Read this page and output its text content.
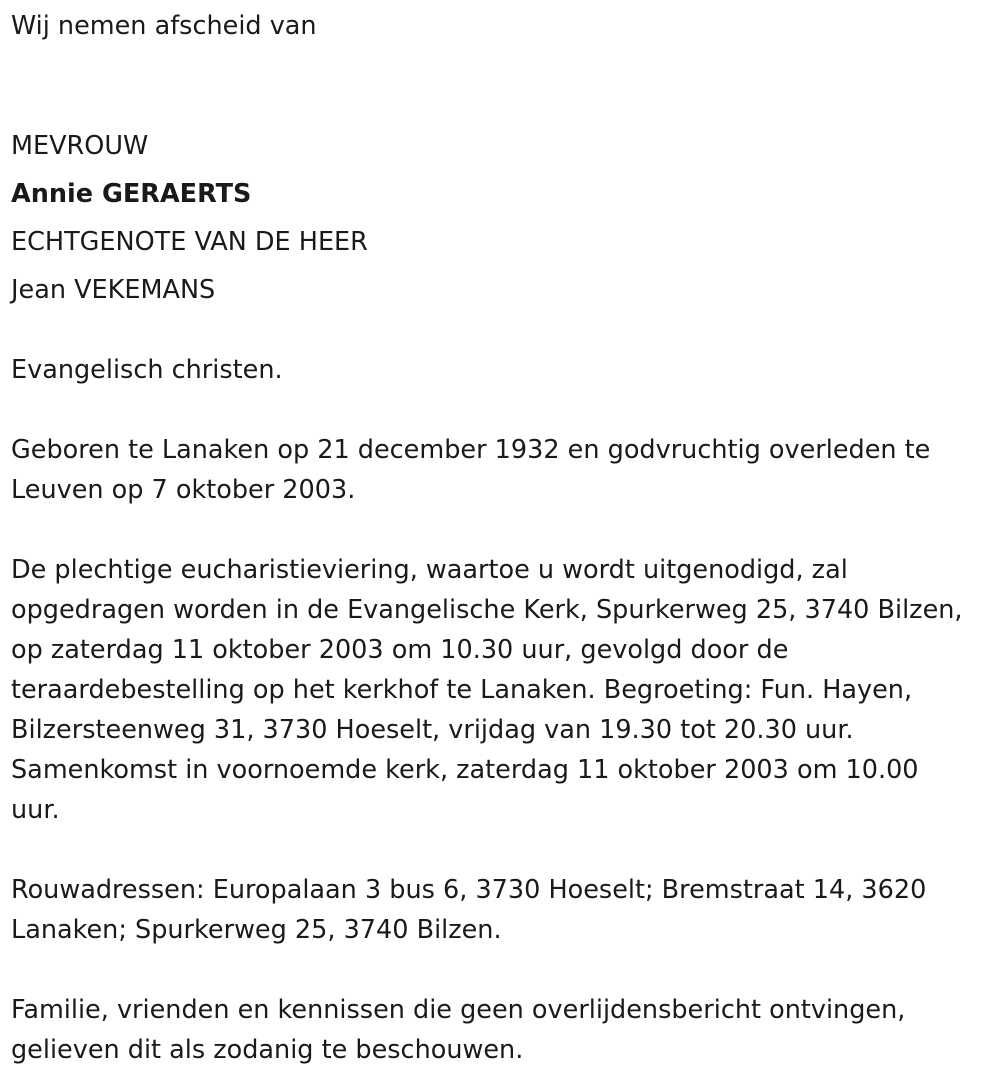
Wij nemen afscheid van
MEVROUW
Annie GERAERTS
ECHTGENOTE VAN DE HEER
Jean VEKEMANS
Evangelisch christen.
Geboren te Lanaken op 21 december 1932 en godvruchtig overleden te
Leuven op 7 oktober 2003.
De plechtige eucharistieviering, waartoe u wordt uitgenodigd, zal
opgedragen worden in de Evangelische Kerk, Spurkerweg 25, 3740 Bilzen,
op zaterdag 11 oktober 2003 om 10.30 uur, gevolgd door de
teraardebestelling op het kerkhof te Lanaken. Begroeting: Fun. Hayen,
Bilzersteenweg 31, 3730 Hoeselt, vrijdag van 19.30 tot 20.30 uur.
Samenkomst in voornoemde kerk, zaterdag 11 oktober 2003 om 10.00
uur.
Rouwadressen: Europalaan 3 bus 6, 3730 Hoeselt; Bremstraat 14, 3620
Lanaken; Spurkerweg 25, 3740 Bilzen.
Familie, vrienden en kennissen die geen overlijdensbericht ontvingen,
gelieven dit als zodanig te beschouwen.
